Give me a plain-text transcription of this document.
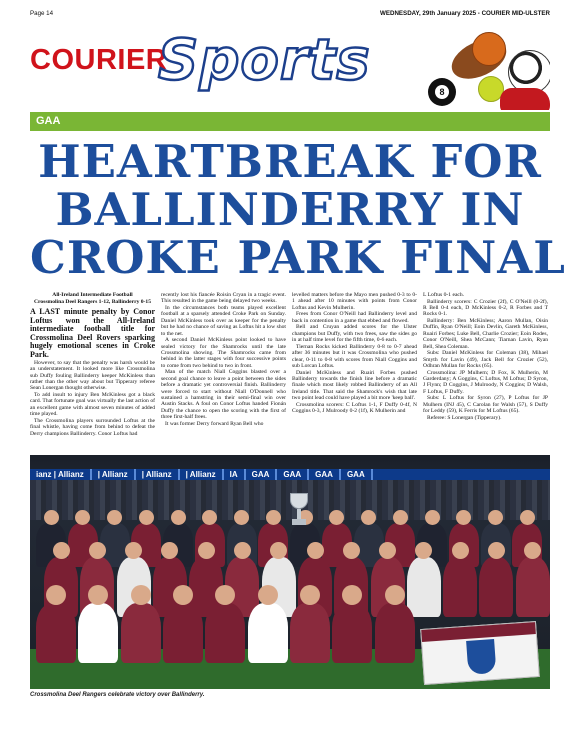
Page 14	WEDNESDAY, 29th January 2025 - COURIER MID-ULSTER
COURIER
Sports	8
GAA
HEARTBREAK FOR
BALLINDERRY IN
CROKE PARK FINAL

All-Ireland Intermediate Football

Crossmolina Deel Rangers 1-12, Ballinderry 0-15

A LAST minute penalty by Conor Loftus won the All-Ireland intermediate football title for Crossmolina Deel Rovers sparking hugely emotional scenes in Croke Park.

However, to say that the penalty was harsh would be an understatement. It looked more like Crossmolina sub Duffy fouling Ballinderry keeper McKinless than rather than the other way about but Tipperary referee Sean Lonergan thought otherwise.

To add insult to injury Ben McKinless got a black card. That fortunate goal was virtually the last action of an excellent game with almost seven minutes of added time played.

The Crossmolina players surrounded Loftus at the final whistle, having come from behind to defeat the Derry champions Ballinderry. Conor Loftus had

recently lost his fiancée Roisin Cryan in a tragic event. This resulted in the game being delayed two weeks.

In the circumstances both teams played excellent football at a sparsely attended Croke Park on Sunday. Daniel McKinless took over as keeper for the penalty but he had no chance of saving as Loftus hit a low shot to the net.

A second Daniel McKinless point looked to have sealed victory for the Shamrocks until the late Crossmolina showing. The Shamrocks came from behind in the latter stages with four successive points to come from two behind to two in front.

Man of the match Niall Coggins blasted over a second goal chance to leave a point between the sides before a dramatic yet controversial finish. Ballinderry were forced to start without Niall O'Donnell who sustained a hamstring in their semi-final win over Austin Stacks. A foul on Conor Loftus handed Fionán Duffy the chance to open the scoring with the first of three first-half frees.

It was former Derry forward Ryan Bell who

levelled matters before the Mayo men pushed 0-3 to 0-1 ahead after 10 minutes with points from Conor Loftus and Kevin Mulherin.

Frees from Conor O'Neill had Ballinderry level and back in contention in a game that ebbed and flowed.

Bell and Cruyan added scores for the Ulster champions but Duffy, with two frees, saw the sides go in at half time level for the fifth time, 0-6 each.

Tiernan Rocks kicked Ballinderry 0-8 to 0-7 ahead after 36 minutes but it was Crossmolina who pushed clear, 0-11 to 0-8 with scores from Niall Coggins and sub Lorcan Loftus.

Daniel McKinless and Ruairi Forbes pushed Ballinderry towards the finish line before a dramatic finale which most likely robbed Ballinderry of an All Ireland title. That said the Shamrock's wish that late two point lead could have played a bit more 'keep ball'.

Crossmolina scorers: C Loftus 1-1, F Duffy 0-4f, N Coggins 0-3, J Mulroody 0-2 (1f), K Mulherin and

L Loftus 0-1 each.

Ballinderry scorers: C Crozier (2f), C O'Neill (0-2f), R Bell 0-4 each, D McKinless 0-2, R Forbes and T Rocks 0-1.

Ballinderry: Ben McKinless; Aaron Mullan, Oisin Duffin, Ryan O'Neill; Eoin Devlin, Gareth McKinless, Ruairi Forbes; Luke Bell, Charlie Crozier; Eoin Rodes, Conor O'Neill, Shea McCann; Tiarnan Lavin, Ryan Bell, Shea Coleman.

Subs: Daniel McKinless for Coleman (38), Mihael Smyth for Lavin (49), Jack Bell for Crozier (52), Odhran Mullan for Rocks (65).

Crossmolina: JP Mulhern; D Fox, K Mulherin, M Garderdany; A Goggins, C Loftus, M Loftus; D Syron, J Flynn; D Coggins, J Mulroody, N Coggins; D Walsh, F Loftus, F Duffy.

Subs: L Loftus for Syron (27), P Loftus for JP Mulhern (INJ 45), C Carolan for Walsh (57), S Duffy for Leddy (59), K Ferris for M Loftus (65).

Referee: S Lonergan (Tipperary).

ianz | Allianz	| Allianz	| Allianz	| Allianz	IA	GAA	GAA	GAA	GAA
Crossmolina Deel Rangers celebrate victory over Ballinderry.
